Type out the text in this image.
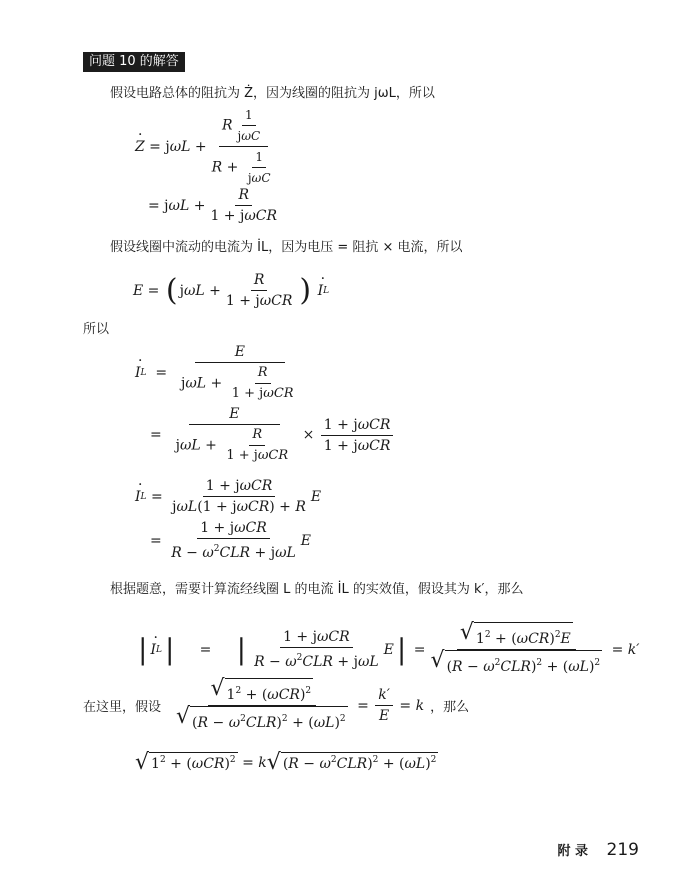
问题 10 的解答
假设电路总体的阻抗为 Ż，因为线圈的阻抗为 jωL，所以
· Z = j $\omega L + \frac{R \frac{1}{\text{jωC}}}{R + \frac{1}{\text{jωC}}}$
= j $\omega L + \frac{R}{\text{1 + jωCR}}$
假设线圈中流动的电流为 İL，因为电压 = 阻抗 × 电流，所以
E = ( j $\omega L + \frac{R}{\text{1 + jωCR}}$ )
· I L
所以
· I $L = \frac{E}{j\omega L + \frac{R}{\text{1 + jωCR}}}$
= $\frac{E}{j\omega L + \frac{R}{\text{1 + jωCR}}} \times \frac{\text{1 + jωCR}}{\text{1 + jωCR}}$
· I $L = \frac{\text{1 + jωCR}}{\text{jωL(1 + jωCR) + R}}$ E
= $\frac{\text{1 + jωCR}}{R - \omega^2CLR + j\omega L}$ E
根据题意，需要计算流经线圈 L 的电流 İL 的实效值，假设其为 k′，那么
| · I L | = | $\frac{\text{1 + jωCR}}{R - \omega^2CLR + j\omega L}$ E | = $\frac{√ 1^2 + (\omega CR)^2E}{√ (R - \omega^2CLR)^2 + (\omega L)^2} = k'$
在这里，假设 $\frac{√ 1^2 + (\omega CR)^2}{√ (R - \omega^2CLR)^2 + (\omega L)^2} = \frac{k'}{E} = k$ ，那么
√ $1^2 + (\omega CR)^2 = k$ √ $(R - \omega^2CLR)^2 + (\omega L)^2$
附 录 219
